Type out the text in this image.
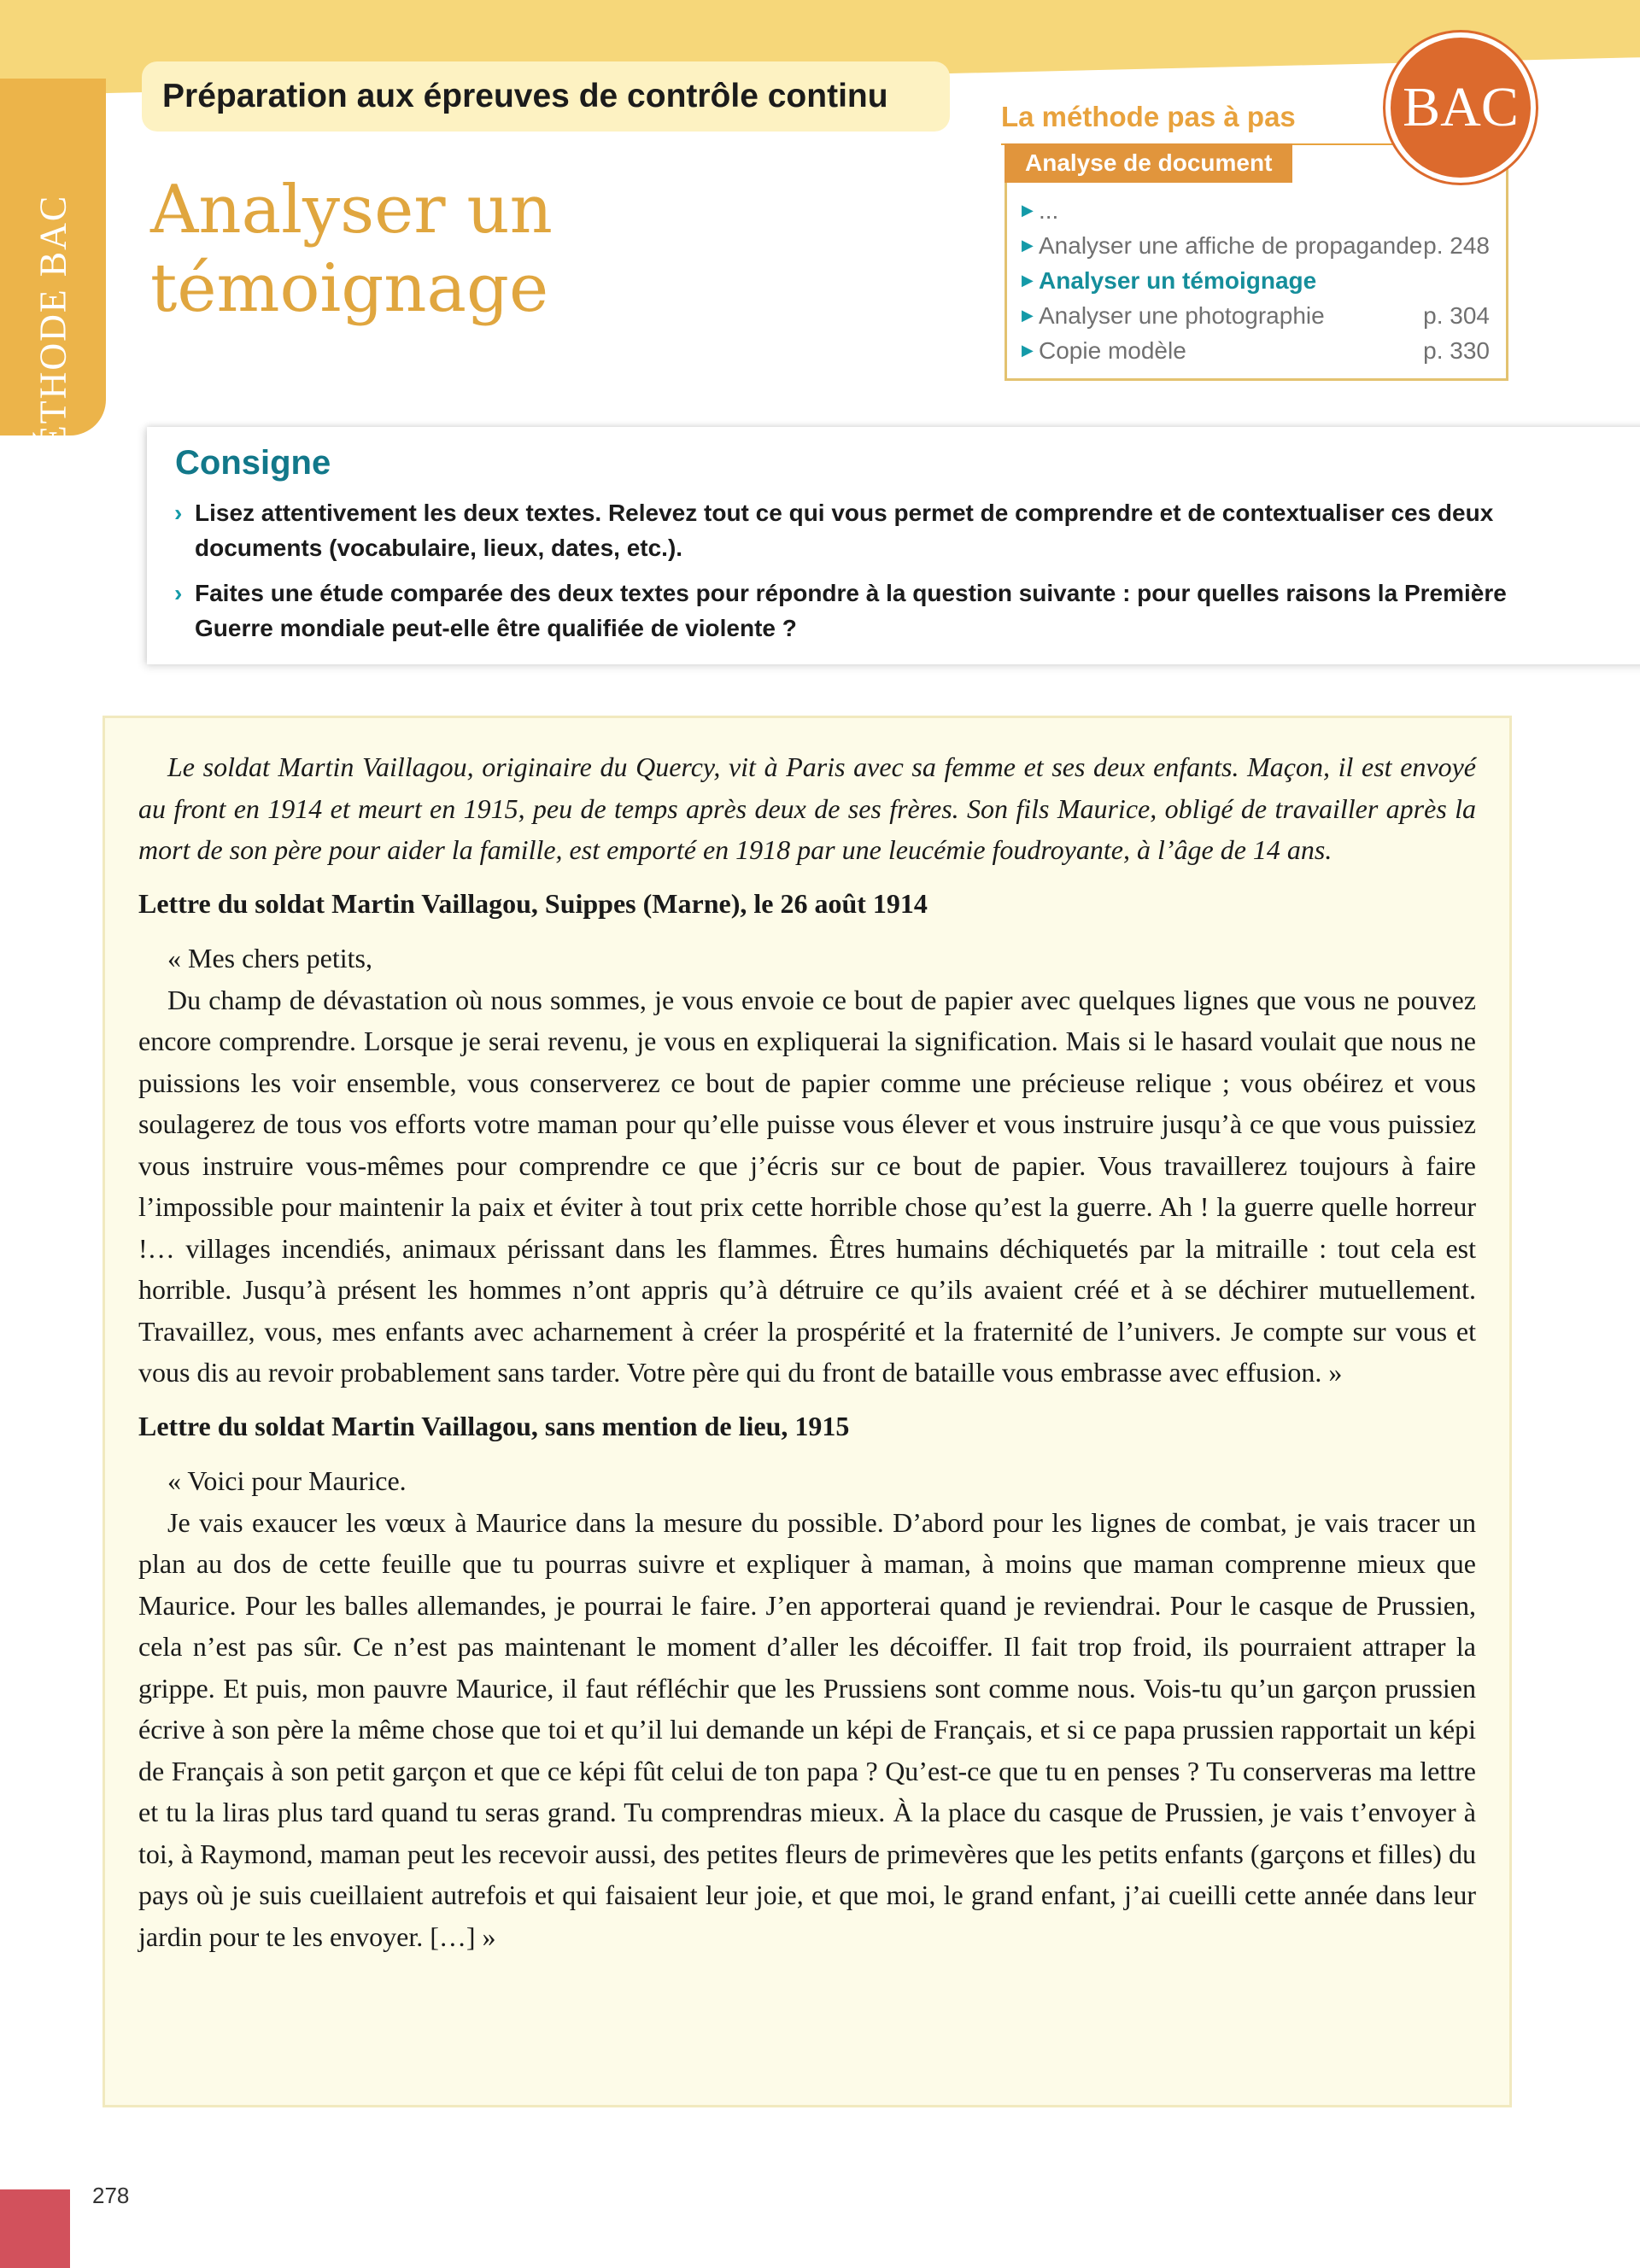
MÉTHODE BAC
Préparation aux épreuves de contrôle continu
Analyser un
témoignage
La méthode pas à pas
Analyse de document
▶ ...
▶ Analyser une affiche de propagande p. 248
▶ Analyser un témoignage
▶ Analyser une photographie	p. 304
▶ Copie modèle	p. 330
BAC
Consigne
› Lisez attentivement les deux textes. Relevez tout ce qui vous permet de comprendre et de contextualiser ces deux documents (vocabulaire, lieux, dates, etc.).
› Faites une étude comparée des deux textes pour répondre à la question suivante : pour quelles raisons la Première Guerre mondiale peut-elle être qualifiée de violente ?

Le soldat Martin Vaillagou, originaire du Quercy, vit à Paris avec sa femme et ses deux enfants. Maçon, il est envoyé au front en 1914 et meurt en 1915, peu de temps après deux de ses frères. Son fils Maurice, obligé de travailler après la mort de son père pour aider la famille, est emporté en 1918 par une leucémie foudroyante, à l’âge de 14 ans.

Lettre du soldat Martin Vaillagou, Suippes (Marne), le 26 août 1914

« Mes chers petits,

Du champ de dévastation où nous sommes, je vous envoie ce bout de papier avec quelques lignes que vous ne pouvez encore comprendre. Lorsque je serai revenu, je vous en expliquerai la signification. Mais si le hasard voulait que nous ne puissions les voir ensemble, vous conserverez ce bout de papier comme une précieuse relique ; vous obéirez et vous soulagerez de tous vos efforts votre maman pour qu’elle puisse vous élever et vous instruire jusqu’à ce que vous puissiez vous instruire vous-mêmes pour comprendre ce que j’écris sur ce bout de papier. Vous travaillerez toujours à faire l’impossible pour maintenir la paix et éviter à tout prix cette horrible chose qu’est la guerre. Ah ! la guerre quelle horreur !… villages incendiés, animaux périssant dans les flammes. Êtres humains déchiquetés par la mitraille : tout cela est horrible. Jusqu’à présent les hommes n’ont appris qu’à détruire ce qu’ils avaient créé et à se déchirer mutuellement. Travaillez, vous, mes enfants avec acharnement à créer la prospérité et la fraternité de l’univers. Je compte sur vous et vous dis au revoir probablement sans tarder. Votre père qui du front de bataille vous embrasse avec effusion. »

Lettre du soldat Martin Vaillagou, sans mention de lieu, 1915

« Voici pour Maurice.

Je vais exaucer les vœux à Maurice dans la mesure du possible. D’abord pour les lignes de combat, je vais tracer un plan au dos de cette feuille que tu pourras suivre et expliquer à maman, à moins que maman comprenne mieux que Maurice. Pour les balles allemandes, je pourrai le faire. J’en apporterai quand je reviendrai. Pour le casque de Prussien, cela n’est pas sûr. Ce n’est pas maintenant le moment d’aller les décoiffer. Il fait trop froid, ils pourraient attraper la grippe. Et puis, mon pauvre Maurice, il faut réfléchir que les Prussiens sont comme nous. Vois-tu qu’un garçon prussien écrive à son père la même chose que toi et qu’il lui demande un képi de Français, et si ce papa prussien rapportait un képi de Français à son petit garçon et que ce képi fût celui de ton papa ? Qu’est-ce que tu en penses ? Tu conserveras ma lettre et tu la liras plus tard quand tu seras grand. Tu comprendras mieux. À la place du casque de Prussien, je vais t’envoyer à toi, à Raymond, maman peut les recevoir aussi, des petites fleurs de primevères que les petits enfants (garçons et filles) du pays où je suis cueillaient autrefois et qui faisaient leur joie, et que moi, le grand enfant, j’ai cueilli cette année dans leur jardin pour te les envoyer. […] »

278
